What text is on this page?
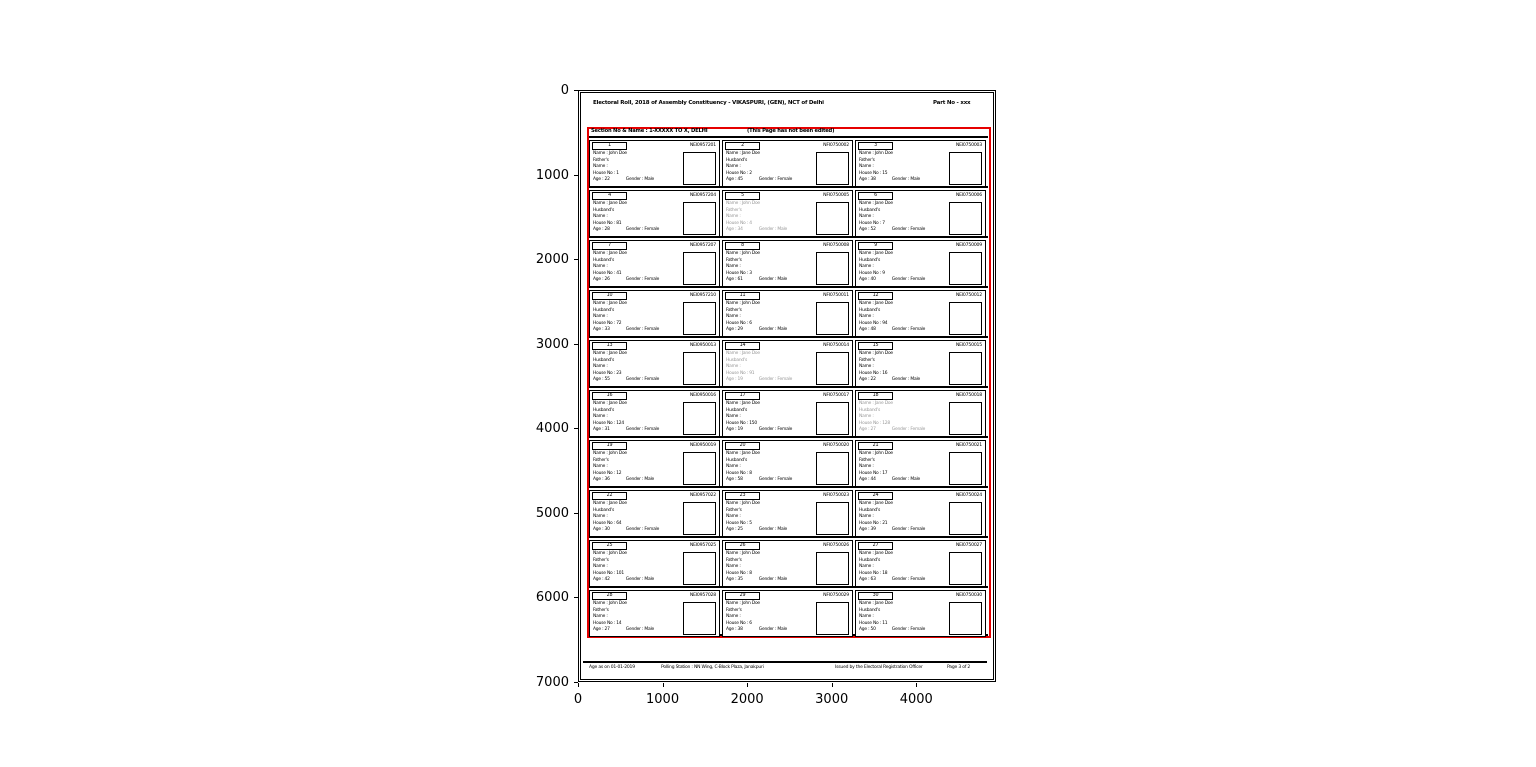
0
1000
2000
3000
4000
5000
6000
7000
0	1000	2000	3000	4000
Electoral Roll, 2018 of Assembly Constituency - VIKASPURI, (GEN), NCT of Delhi	Part No - xxx
Section No & Name : 1-XXXXX TO X, DELHI	(This Page has not been edited)
1	NEI0957201
Name : John Doe
Father's
Name :
House No : 1
Age : 22	Gender : Male
2	NFI0750002
Name : Jane Doe
Husband's
Name :
House No : 2
Age : 45	Gender : Female
3	NEI0750003
Name : John Doe
Father's
Name :
House No : 15
Age : 38	Gender : Male
4	NEI0957204
Name : Jane Doe
Husband's
Name :
House No : 81
Age : 28	Gender : Female
5	NFI0750005
Name : John Doe
Father's
Name :
House No : 4
Age : 34	Gender : Male
6	NEI0750006
Name : Jane Doe
Husband's
Name :
House No : 7
Age : 52	Gender : Female
7	NEI0957207
Name : Jane Doe
Husband's
Name :
House No : 41
Age : 26	Gender : Female
8	NFI0750008
Name : John Doe
Father's
Name :
House No : 3
Age : 61	Gender : Male
9	NEI0750009
Name : Jane Doe
Husband's
Name :
House No : 9
Age : 40	Gender : Female
10	NEI0957210
Name : Jane Doe
Husband's
Name :
House No : 72
Age : 33	Gender : Female
11	NFI0750011
Name : John Doe
Father's
Name :
House No : 6
Age : 29	Gender : Male
12	NEI0750012
Name : Jane Doe
Husband's
Name :
House No : 94
Age : 48	Gender : Female
13	NEI0950013
Name : Jane Doe
Husband's
Name :
House No : 23
Age : 55	Gender : Female
14	NFI0750014
Name : Jane Doe
Husband's
Name :
House No : 91
Age : 19	Gender : Female
15	NEI0750015
Name : John Doe
Father's
Name :
House No : 16
Age : 22	Gender : Male
16	NEI0950016
Name : Jane Doe
Husband's
Name :
House No : 124
Age : 31	Gender : Female
17	NFI0750017
Name : Jane Doe
Husband's
Name :
House No : 150
Age : 19	Gender : Female
18	NEI0750018
Name : Jane Doe
Husband's
Name :
House No : 128
Age : 27	Gender : Female
19	NEI0950019
Name : John Doe
Father's
Name :
House No : 12
Age : 36	Gender : Male
20	NFI0750020
Name : Jane Doe
Husband's
Name :
House No : 8
Age : 58	Gender : Female
21	NEI0750021
Name : John Doe
Father's
Name :
House No : 17
Age : 44	Gender : Male
22	NEI0957022
Name : Jane Doe
Husband's
Name :
House No : 64
Age : 30	Gender : Female
23	NFI0750023
Name : John Doe
Father's
Name :
House No : 5
Age : 25	Gender : Male
24	NEI0750024
Name : Jane Doe
Husband's
Name :
House No : 21
Age : 39	Gender : Female
25	NEI0957025
Name : John Doe
Father's
Name :
House No : 101
Age : 42	Gender : Male
26	NFI0750026
Name : John Doe
Father's
Name :
House No : 8
Age : 35	Gender : Male
27	NEI0750027
Name : Jane Doe
Husband's
Name :
House No : 18
Age : 63	Gender : Female
28	NEI0957028
Name : John Doe
Father's
Name :
House No : 14
Age : 27	Gender : Male
29	NFI0750029
Name : John Doe
Father's
Name :
House No : 6
Age : 38	Gender : Male
30	NEI0750030
Name : Jane Doe
Husband's
Name :
House No : 11
Age : 50	Gender : Female
Age as on 01-01-2019	Polling Station : NN Wing, C-Block Plaza, Janakpuri	Issued by the Electoral Registration Officer	Page 3 of 2
